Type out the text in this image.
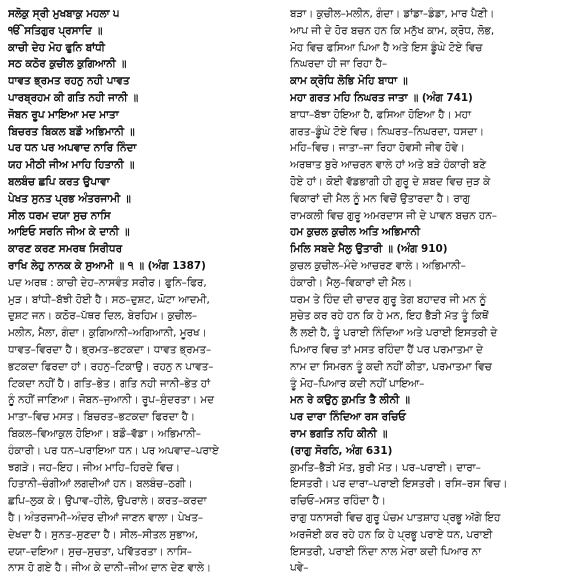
ਸਲੋਕੁ ਸ੍ਰੀ ਮੁਖਬਾਕੁ ਮਹਲਾ ੫
ੴ ਸਤਿਗੁਰ ਪ੍ਰਸਾਦਿ ॥
ਕਾਚੀ ਦੇਹ ਮੋਹ ਫੁਨਿ ਬਾਂਧੀ
ਸਠ ਕਠੋਰ ਕੁਚੀਲ ਕੁਗਿਆਨੀ ॥
ਧਾਵਤ ਭ੍ਰਮਤ ਰਹਨੁ ਨਹੀ ਪਾਵਤ
ਪਾਰਬ੍ਰਹਮ ਕੀ ਗਤਿ ਨਹੀ ਜਾਨੀ ॥
ਜੋਬਨ ਰੂਪ ਮਾਇਆ ਮਦ ਮਾਤਾ
ਬਿਚਰਤ ਬਿਕਲ ਬਡੌ ਅਭਿਮਾਨੀ ॥
ਪਰ ਧਨ ਪਰ ਅਪਵਾਦ ਨਾਰਿ ਨਿੰਦਾ
ਯਹ ਮੀਠੀ ਜੀਅ ਮਾਹਿ ਹਿਤਾਨੀ ॥
ਬਲਬੰਚ ਛਪਿ ਕਰਤ ਉਪਾਵਾ
ਪੇਖਤ ਸੁਨਤ ਪ੍ਰਭ ਅੰਤਰਜਾਮੀ ॥
ਸੀਲ ਧਰਮ ਦਯਾ ਸੁਚ ਨਾਸਿ
ਆਇਓ ਸਰਨਿ ਜੀਅ ਕੇ ਦਾਨੀ ॥
ਕਾਰਣ ਕਰਣ ਸਮਰਥ ਸਿਰੀਧਰ
ਰਾਖਿ ਲੇਹੁ ਨਾਨਕ ਕੇ ਸੁਆਮੀ ॥ ੧ ॥ (ਅੰਗ 1387)
ਪਦ ਅਰਥ : ਕਾਚੀ ਦੇਹ–ਨਾਸਵੰਤ ਸਰੀਰ। ਫੁਨਿ–ਫਿਰ,
ਮੁੜ। ਬਾਂਧੀ–ਬੱਝੀ ਹੋਈ ਹੈ। ਸਠ–ਦੁਸ਼ਟ, ਘੋਟਾ ਆਦਮੀ,
ਦੁਸ਼ਟ ਜਨ। ਕਠੋਰ–ਪੱਥਰ ਦਿਲ, ਬੇਰਹਿਮ। ਕੁਚੀਲ–
ਮਲੀਨ, ਮੈਲਾ, ਗੰਦਾ। ਕੁਗਿਆਨੀ–ਅਗਿਆਨੀ, ਮੂਰਖ।
ਧਾਵਤ–ਵਿਰਦਾ ਹੈ। ਭ੍ਰਮਤ–ਭਟਕਦਾ। ਧਾਵਤ ਭ੍ਰਮਤ–
ਭਟਕਦਾ ਫਿਰਦਾ ਹਾਂ। ਰਹਨੁ–ਟਿਕਾਉ। ਰਹਨੁ ਨ ਪਾਵਤ–
ਟਿਕਦਾ ਨਹੀਂ ਹੈ। ਗਤਿ–ਭੇਤ। ਗਤਿ ਨਹੀ ਜਾਨੀ–ਭੇਤ ਹਾਂ
ਨੂੰ ਨਹੀਂ ਜਾਣਿਆ। ਜੋਬਨ–ਜੁਆਨੀ। ਰੂਪ–ਸੁੰਦਰਤਾ। ਮਦ
ਮਾਤਾ–ਵਿਚ ਮਸਤ। ਬਿਚਰਤ–ਭਟਕਦਾ ਫਿਰਦਾ ਹੈ।
ਬਿਕਲ–ਵਿਆਕੁਲ ਹੋਇਆ। ਬਡੌ–ਵੱਡਾ। ਅਭਿਮਾਨੀ–
ਹੰਕਾਰੀ। ਪਰ ਧਨ–ਪਰਾਇਆ ਧਨ। ਪਰ ਅਪਵਾਦ–ਪਰਾਏ
ਝਗੜੇ। ਜਹ–ਇਹ। ਜੀਅ ਮਾਹਿ–ਹਿਰਦੇ ਵਿਚ।
ਹਿਤਾਨੀ–ਚੰਗੀਆਂ ਲਗਦੀਆਂ ਹਨ। ਬਲਬੰਚ–ਠਗੀ।
ਛਪਿ–ਲੁਕ ਕੇ। ਉਪਾਵ–ਹੀਲੇ, ਉਪਰਾਲੇ। ਕਰਤ–ਕਰਦਾ
ਹੈ। ਅੰਤਰਜਾਮੀ–ਅੰਦਰ ਦੀਆਂ ਜਾਣਨ ਵਾਲਾ। ਪੇਖਤ–
ਦੇਖਦਾ ਹੈ। ਸੁਨਤ–ਸੁਣਦਾ ਹੈ। ਸੀਲ–ਸੀਤਲ ਸੁਭਾਅ,
ਦਯਾ–ਦਇਆ। ਸੁਚ–ਸੁਚਤਾ, ਪਵਿੱਤਰਤਾ। ਨਾਸਿ–
ਨਾਸ ਹੋ ਗਏ ਹੈ। ਜੀਅ ਕੇ ਦਾਨੀ–ਜੀਅ ਦਾਨ ਦੇਣ ਵਾਲੇ।
ਬੜਾ। ਕੁਚੀਲ–ਮਲੀਨ, ਗੰਦਾ। ਡਾਂਡਾ–ਡੰਡਾ, ਮਾਰ ਪੈਣੀ।
ਆਪ ਜੀ ਦੇ ਹੋਰ ਬਚਨ ਹਨ ਕਿ ਮਨੁੱਖ ਕਾਮ, ਕ੍ਰੋਧ, ਲੋਭ,
ਮੋਹ ਵਿਚ ਫਸਿਆ ਪਿਆ ਹੈ ਅਤੇ ਇਸ ਡੂੰਘੇ ਟੋਏ ਵਿਚ
ਨਿਘਰਦਾ ਹੀ ਜਾ ਰਿਹਾ ਹੈ–
ਕਾਮ ਕ੍ਰੋਧਿ ਲੋਭਿ ਮੋਹਿ ਬਾਧਾ ॥
ਮਹਾ ਗਰਤ ਮਹਿ ਨਿਘਰਤ ਜਾਤਾ ॥ (ਅੰਗ 741)
ਬਾਧਾ–ਬੱਝਾ ਹੋਇਆ ਹੈ, ਫਸਿਆ ਹੋਇਆ ਹੈ। ਮਹਾ
ਗਰਤ–ਡੂੰਘੇ ਟੋਏ ਵਿਚ। ਨਿਘਰਤ–ਨਿਘਰਦਾ, ਧਸਦਾ।
ਮਹਿ–ਵਿਚ। ਜਾਤਾ–ਜਾ ਰਿਹਾ ਹੋਵਸੀ ਜੀਵ ਹੋਵੇ।
ਅਰਥਾਤ ਬੁਰੇ ਆਚਰਨ ਵਾਲੇ ਹਾਂ ਅਤੇ ਬੜੇ ਹੰਕਾਰੀ ਬਣੇ
ਹੋਏ ਹਾਂ। ਕੋਈ ਵੱਡਭਾਗੀ ਹੀ ਗੁਰੂ ਦੇ ਸ਼ਬਦ ਵਿਚ ਜੁੜ ਕੇ
ਵਿਕਾਰਾਂ ਦੀ ਮੈਲ ਨੂੰ ਮਨ ਵਿਚੋਂ ਉਤਾਰਦਾ ਹੈ। ਰਾਗੁ
ਰਾਮਕਲੀ ਵਿਚ ਗੁਰੂ ਅਮਰਦਾਸ ਜੀ ਦੇ ਪਾਵਨ ਬਚਨ ਹਨ–
ਹਮ ਕੁਚਲ ਕੁਚੀਲ ਅਤਿ ਅਭਿਮਾਨੀ
ਮਿਲਿ ਸਬਦੇ ਮੈਲੁ ਉਤਾਰੀ ॥ (ਅੰਗ 910)
ਕੁਚਲ ਕੁਚੀਲ–ਮੰਦੇ ਆਚਰਣ ਵਾਲੇ। ਅਭਿਮਾਨੀ–
ਹੰਕਾਰੀ। ਮੈਲੁ–ਵਿਕਾਰਾਂ ਦੀ ਮੈਲ।
ਧਰਮ ਤੇ ਹਿੰਦ ਦੀ ਚਾਦਰ ਗੁਰੂ ਤੇਗ ਬਹਾਦਰ ਜੀ ਮਨ ਨੂੰ
ਸੁਚੇਤ ਕਰ ਰਹੇ ਹਨ ਕਿ ਹੇ ਮਨ, ਇਹ ਭੈੜੀ ਮੱਤ ਤੂੰ ਕਿਥੋਂ
ਲੈ ਲਈ ਹੈ, ਤੂੰ ਪਰਾਈ ਨਿੰਦਿਆ ਅਤੇ ਪਰਾਈ ਇਸਤਰੀ ਦੇ
ਪਿਆਰ ਵਿਚ ਤਾਂ ਮਸਤ ਰਹਿੰਦਾ ਹੈਂ ਪਰ ਪਰਮਾਤਮਾ ਦੇ
ਨਾਮ ਦਾ ਸਿਮਰਨ ਤੂੰ ਕਦੀ ਨਹੀਂ ਕੀਤਾ, ਪਰਮਾਤਮਾ ਵਿਚ
ਤੂੰ ਮੋਹ–ਪਿਆਰ ਕਦੀ ਨਹੀਂ ਪਾਇਆ–
ਮਨ ਰੇ ਕਉਨੁ ਕੁਮਤਿ ਤੈ ਲੀਨੀ ॥
ਪਰ ਦਾਰਾ ਨਿੰਦਿਆ ਰਸ ਰਚਿਓ
ਰਾਮ ਭਗਤਿ ਨਹਿ ਕੀਨੀ ॥
(ਰਾਗੁ ਸੋਰਠਿ, ਅੰਗ 631)
ਕੁਮਤਿ–ਭੈੜੀ ਮੱਤ, ਬੁਰੀ ਮੱਤ। ਪਰ–ਪਰਾਈ। ਦਾਰਾ–
ਇਸਤਰੀ। ਪਰ ਦਾਰਾ–ਪਰਾਈ ਇਸਤਰੀ। ਰਸਿ–ਰਸ ਵਿਚ।
ਰਚਿਓ–ਮਸਤ ਰਹਿੰਦਾ ਹੈ।
ਰਾਗੁ ਧਨਾਸਰੀ ਵਿਚ ਗੁਰੂ ਪੰਚਮ ਪਾਤਸ਼ਾਹ ਪ੍ਰਭੂ ਅੱਗੇ ਇਹ
ਅਰਜੋਈ ਕਰ ਰਹੇ ਹਨ ਕਿ ਹੇ ਪ੍ਰਭੂ ਪਰਾਏ ਧਨ, ਪਰਾਈ
ਇਸਤਰੀ, ਪਰਾਈ ਨਿੰਦਾ ਨਾਲ ਮੇਰਾ ਕਦੀ ਪਿਆਰ ਨਾ
ਪਵੇ–
